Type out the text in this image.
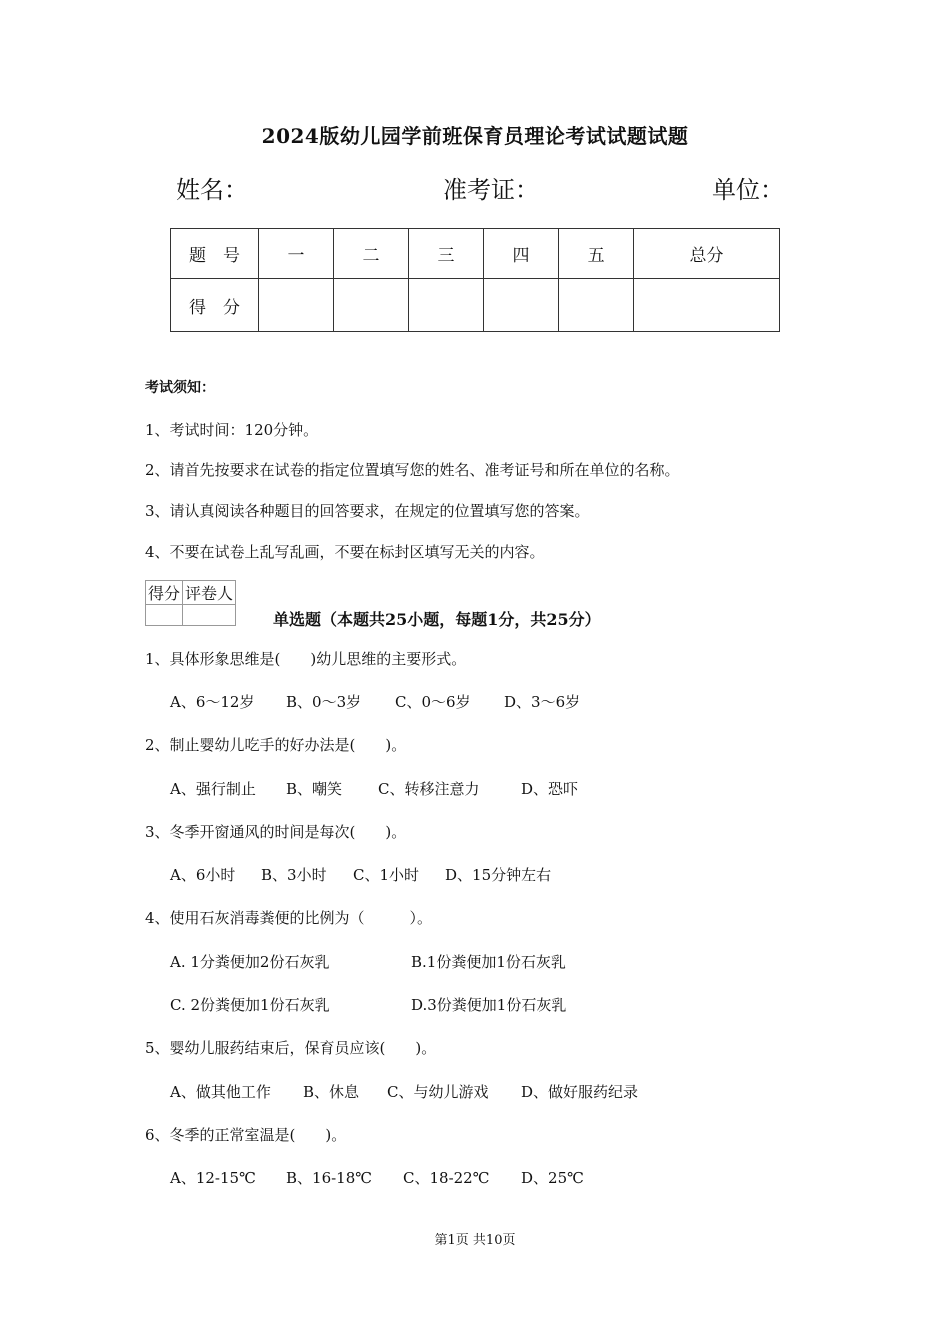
2024版幼儿园学前班保育员理论考试试题试题
姓名：	准考证：	单位：
题　号	一	二	三	四	五	总分
得　分						
考试须知：
1、考试时间：120分钟。
2、请首先按要求在试卷的指定位置填写您的姓名、准考证号和所在单位的名称。
3、请认真阅读各种题目的回答要求，在规定的位置填写您的答案。
4、不要在试卷上乱写乱画，不要在标封区填写无关的内容。
得分	评卷人

单选题（本题共25小题，每题1分，共25分）
1、具体形象思维是(　　)幼儿思维的主要形式。
A、6～12岁 B、0～3岁 C、0～6岁 D、3～6岁
2、制止婴幼儿吃手的好办法是(　　)。
A、强行制止 B、嘲笑 C、转移注意力	D、恐吓
3、冬季开窗通风的时间是每次(　　)。
A、6小时 B、3小时 C、1小时 D、15分钟左右
4、使用石灰消毒粪便的比例为（　　　）。
A. 1分粪便加2份石灰乳	B.1份粪便加1份石灰乳
C. 2份粪便加1份石灰乳	D.3份粪便加1份石灰乳
5、婴幼儿服药结束后，保育员应该(　　)。
A、做其他工作 B、休息 C、与幼儿游戏 D、做好服药纪录
6、冬季的正常室温是(　　)。
A、12-15℃ B、16-18℃ C、18-22℃ D、25℃
第1页 共10页
